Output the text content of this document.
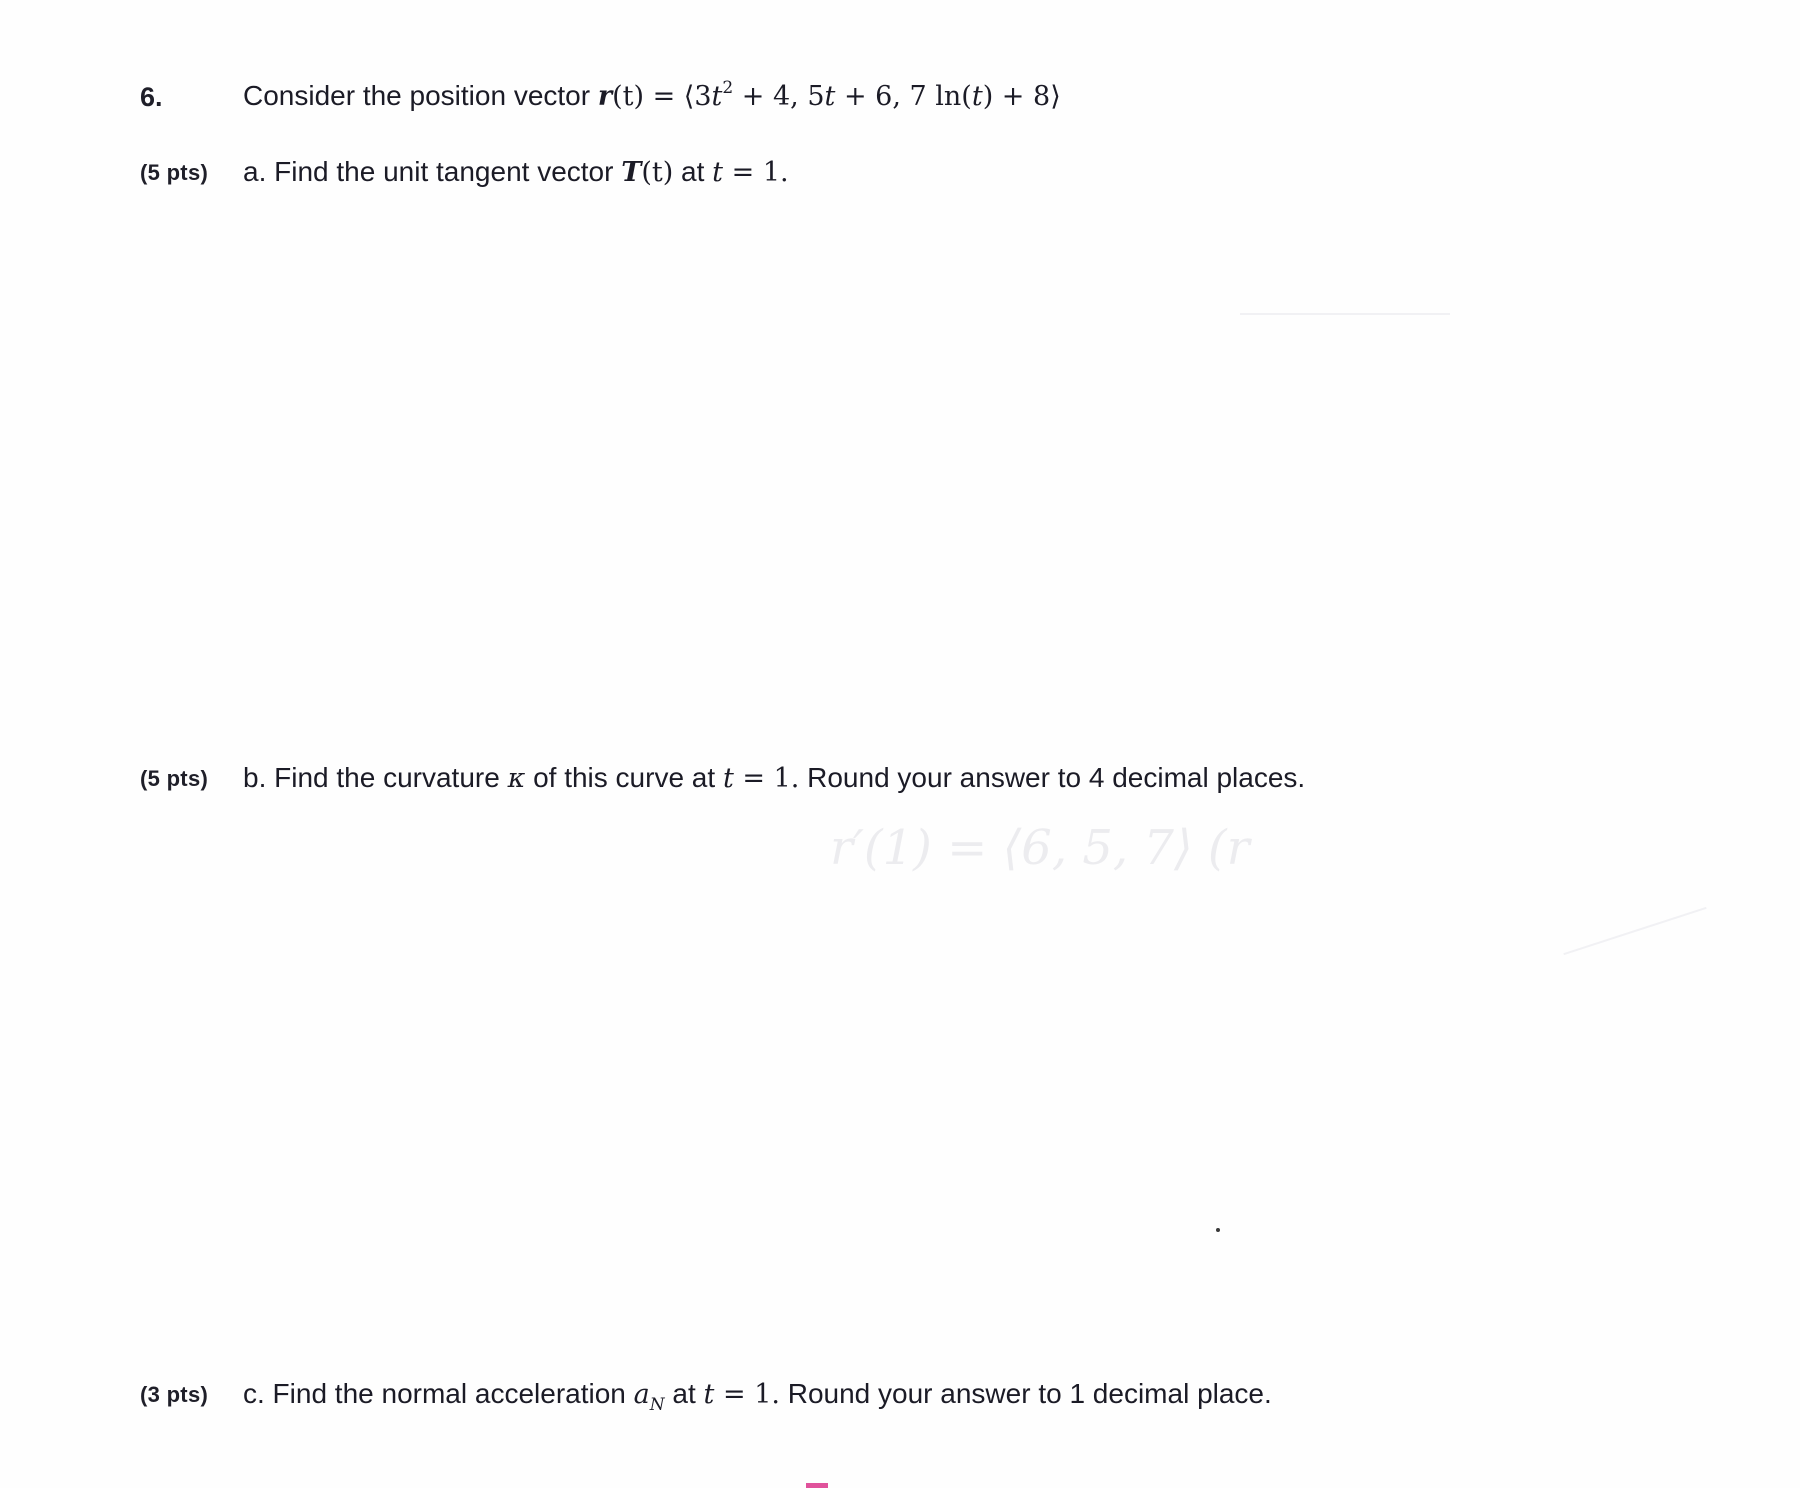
6.	Consider the position vector $r(t) = ⟨3t^2 + 4$, 5t + 6, 7 ln(t) + 8⟩
(5 pts) a. Find the unit tangent vector T(t) at t = 1.
(5 pts) b. Find the curvature κ of this curve at t = 1. Round your answer to 4 decimal places.
(3 pts) c. Find the normal acceleration $a_N$ at t = 1. Round your answer to 1 decimal place.
r′(1) = ⟨6, 5, 7⟩ (r
